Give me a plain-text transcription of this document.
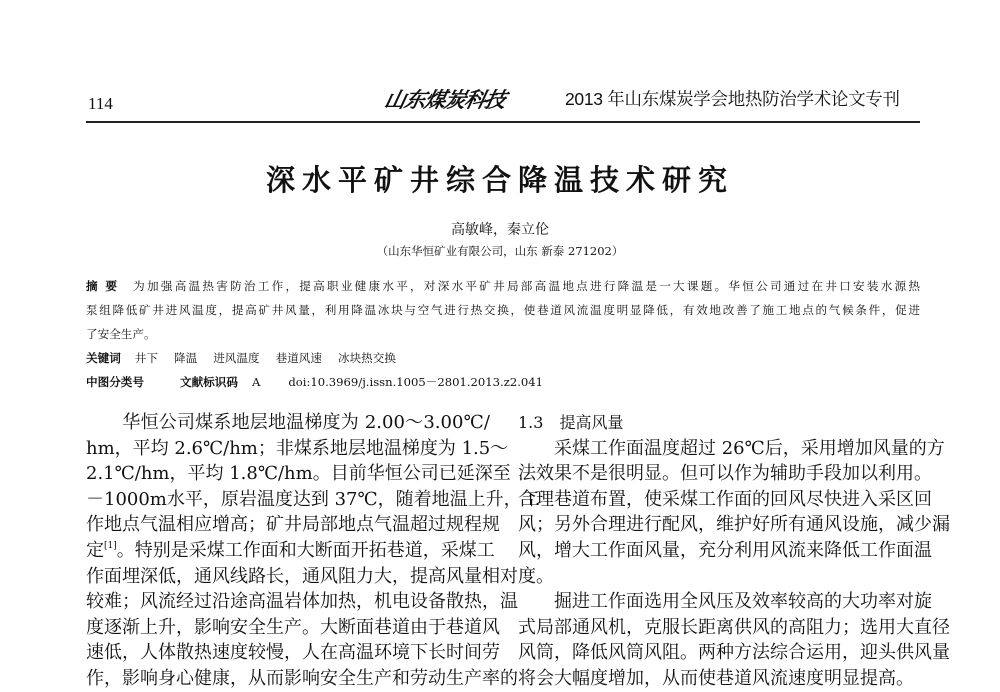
114	山东煤炭科技	2013 年山东煤炭学会地热防治学术论文专刊
深水平矿井综合降温技术研究
高敏峰，秦立伦
（山东华恒矿业有限公司，山东 新泰 271202）
摘 要 为加强高温热害防治工作，提高职业健康水平，对深水平矿井局部高温地点进行降温是一大课题。华恒公司通过在井口安装水源热
泵组降低矿井进风温度，提高矿井风量，利用降温冰块与空气进行热交换，使巷道风流温度明显降低，有效地改善了施工地点的气候条件，促进
了安全生产。
关键词 井下 降温 进风温度 巷道风速 冰块热交换
中图分类号	文献标识码 A doi:10.3969/j.issn.1005－2801.2013.z2.041
　　华恒公司煤系地层地温梯度为 2.00～3.00℃/
hm，平均 2.6℃/hm；非煤系地层地温梯度为 1.5～
2.1℃/hm，平均 1.8℃/hm。目前华恒公司已延深至
－1000m水平，原岩温度达到 37℃，随着地温上升，工
作地点气温相应增高；矿井局部地点气温超过规程规
定[1]。特别是采煤工作面和大断面开拓巷道，采煤工
作面埋深低，通风线路长，通风阻力大，提高风量相对
较难；风流经过沿途高温岩体加热，机电设备散热，温
度逐渐上升，影响安全生产。大断面巷道由于巷道风
速低，人体散热速度较慢，人在高温环境下长时间劳
作，影响身心健康，从而影响安全生产和劳动生产率的
1.3　提高风量
　　采煤工作面温度超过 26℃后，采用增加风量的方
法效果不是很明显。但可以作为辅助手段加以利用。
合理巷道布置，使采煤工作面的回风尽快进入采区回
风；另外合理进行配风，维护好所有通风设施，减少漏
风，增大工作面风量，充分利用风流来降低工作面温
度。
　　掘进工作面选用全风压及效率较高的大功率对旋
式局部通风机，克服长距离供风的高阻力；选用大直径
风筒，降低风筒风阻。两种方法综合运用，迎头供风量
将会大幅度增加，从而使巷道风流速度明显提高。
